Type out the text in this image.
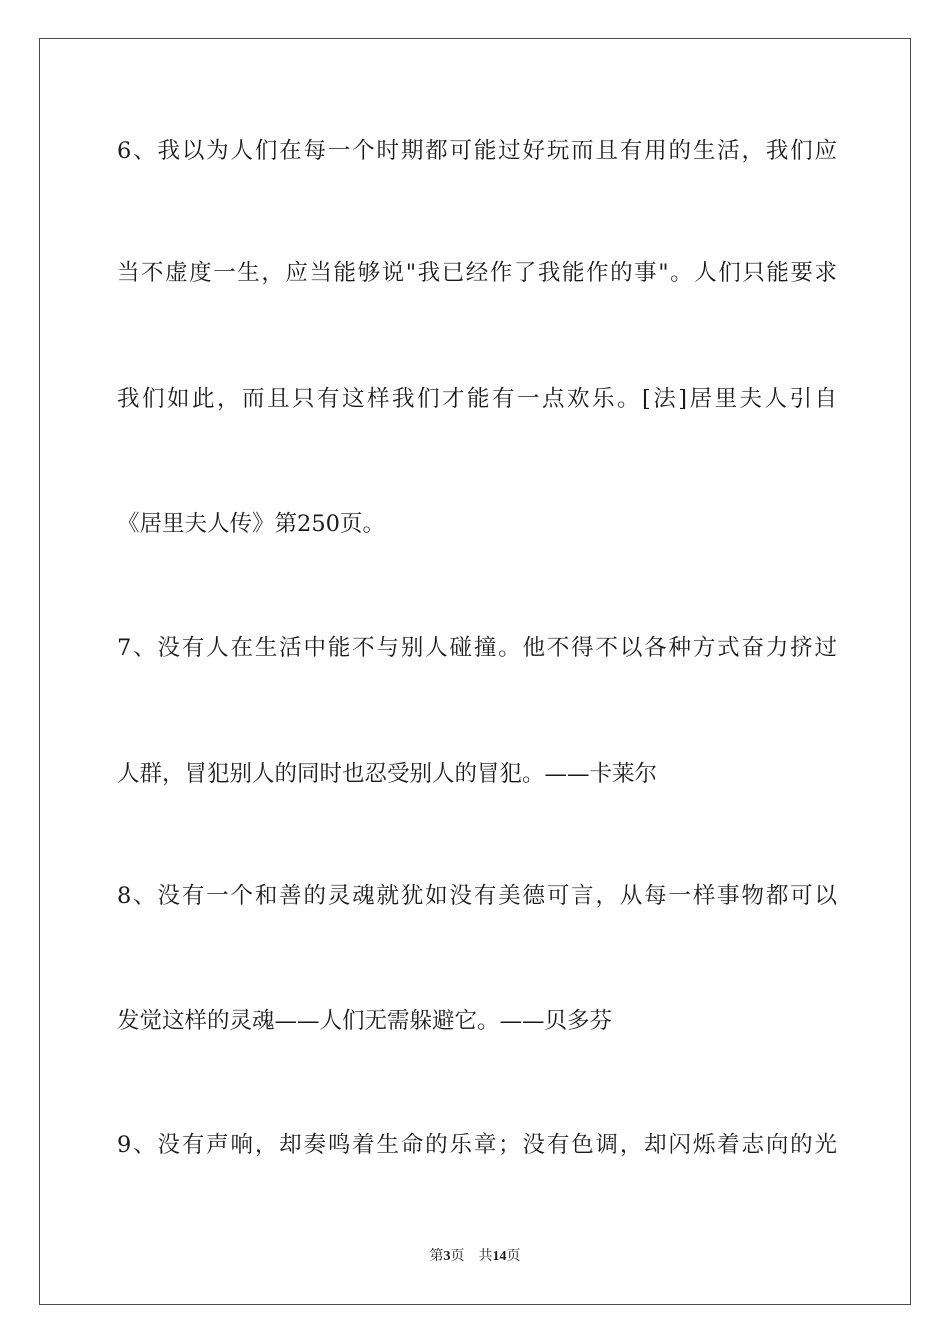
6、我以为人们在每一个时期都可能过好玩而且有用的生活，我们应

当不虚度一生，应当能够说"我已经作了我能作的事"。人们只能要求

我们如此，而且只有这样我们才能有一点欢乐。[法]居里夫人引自

《居里夫人传》第250页。

7、没有人在生活中能不与别人碰撞。他不得不以各种方式奋力挤过

人群，冒犯别人的同时也忍受别人的冒犯。——卡莱尔

8、没有一个和善的灵魂就犹如没有美德可言，从每一样事物都可以

发觉这样的灵魂——人们无需躲避它。——贝多芬

9、没有声响，却奏鸣着生命的乐章；没有色调，却闪烁着志向的光

第3页 共14页
